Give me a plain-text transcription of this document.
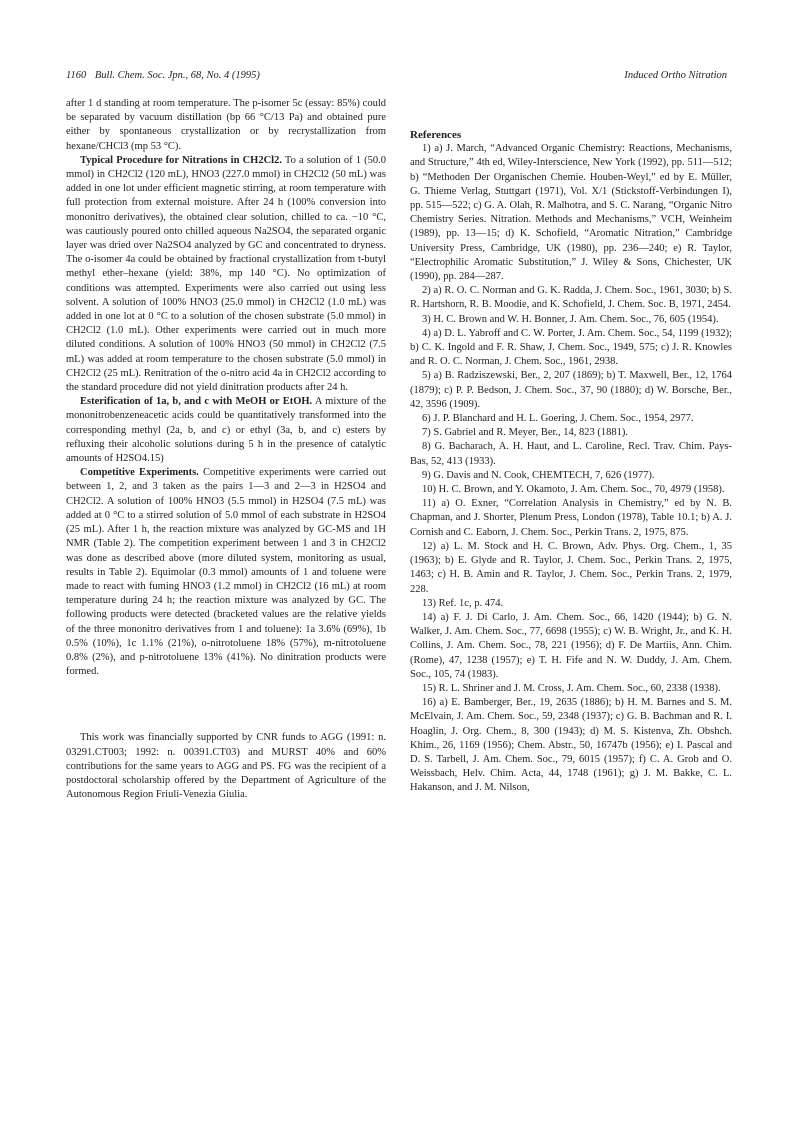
1160 Bull. Chem. Soc. Jpn., 68, No. 4 (1995)	Induced Ortho Nitration

after 1 d standing at room temperature. The p-isomer 5c (essay: 85%) could be separated by vacuum distillation (bp 66 °C/13 Pa) and obtained pure either by spontaneous crystallization or by recrystallization from hexane/CHCl3 (mp 53 °C).

Typical Procedure for Nitrations in CH2Cl2. To a solution of 1 (50.0 mmol) in CH2Cl2 (120 mL), HNO3 (227.0 mmol) in CH2Cl2 (50 mL) was added in one lot under efficient magnetic stirring, at room temperature with full protection from external moisture. After 24 h (100% conversion into mononitro derivatives), the obtained clear solution, chilled to ca. −10 °C, was cautiously poured onto chilled aqueous Na2SO4, the separated organic layer was dried over Na2SO4 analyzed by GC and concentrated to dryness. The o-isomer 4a could be obtained by fractional crystallization from t-butyl methyl ether–hexane (yield: 38%, mp 140 °C). No optimization of conditions was attempted. Experiments were also carried out using less solvent. A solution of 100% HNO3 (25.0 mmol) in CH2Cl2 (1.0 mL) was added in one lot at 0 °C to a solution of the chosen substrate (5.0 mmol) in CH2Cl2 (1.0 mL). Other experiments were carried out in much more diluted conditions. A solution of 100% HNO3 (50 mmol) in CH2Cl2 (7.5 mL) was added at room temperature to the chosen substrate (5.0 mmol) in CH2Cl2 (25 mL). Renitration of the o-nitro acid 4a in CH2Cl2 according to the standard procedure did not yield dinitration products after 24 h.

Esterification of 1a, b, and c with MeOH or EtOH. A mixture of the mononitrobenzeneacetic acids could be quantitatively transformed into the corresponding methyl (2a, b, and c) or ethyl (3a, b, and c) esters by refluxing their alcoholic solutions during 5 h in the presence of catalytic amounts of H2SO4.15)

Competitive Experiments. Competitive experiments were carried out between 1, 2, and 3 taken as the pairs 1—3 and 2—3 in H2SO4 and CH2Cl2. A solution of 100% HNO3 (5.5 mmol) in H2SO4 (7.5 mL) was added at 0 °C to a stirred solution of 5.0 mmol of each substrate in H2SO4 (25 mL). After 1 h, the reaction mixture was analyzed by GC-MS and 1H NMR (Table 2). The competition experiment between 1 and 3 in CH2Cl2 was done as described above (more diluted system, monitoring as usual, results in Table 2). Equimolar (0.3 mmol) amounts of 1 and toluene were made to react with fuming HNO3 (1.2 mmol) in CH2Cl2 (16 mL) at room temperature during 24 h; the reaction mixture was analyzed by GC. The following products were detected (bracketed values are the relative yields of the three mononitro derivatives from 1 and toluene): 1a 3.6% (69%), 1b 0.5% (10%), 1c 1.1% (21%), o-nitrotoluene 18% (57%), m-nitrotoluene 0.8% (2%), and p-nitrotoluene 13% (41%). No dinitration products were formed.

This work was financially supported by CNR funds to AGG (1991: n. 03291.CT003; 1992: n. 00391.CT03) and MURST 40% and 60% contributions for the same years to AGG and PS. FG was the recipient of a postdoctoral scholarship offered by the Department of Agriculture of the Autonomous Region Friuli-Venezia Giulia.

References

1) a) J. March, “Advanced Organic Chemistry: Reactions, Mechanisms, and Structure,” 4th ed, Wiley-Interscience, New York (1992), pp. 511—512; b) “Methoden Der Organischen Chemie. Houben-Weyl,” ed by E. Müller, G. Thieme Verlag, Stuttgart (1971), Vol. X/1 (Stickstoff-Verbindungen I), pp. 515—522; c) G. A. Olah, R. Malhotra, and S. C. Narang, “Organic Nitro Chemistry Series. Nitration. Methods and Mechanisms,” VCH, Weinheim (1989), pp. 13—15; d) K. Schofield, “Aromatic Nitration,” Cambridge University Press, Cambridge, UK (1980), pp. 236—240; e) R. Taylor, “Electrophilic Aromatic Substitution,” J. Wiley & Sons, Chichester, UK (1990), pp. 284—287.

2) a) R. O. C. Norman and G. K. Radda, J. Chem. Soc., 1961, 3030; b) S. R. Hartshorn, R. B. Moodie, and K. Schofield, J. Chem. Soc. B, 1971, 2454.

3) H. C. Brown and W. H. Bonner, J. Am. Chem. Soc., 76, 605 (1954).

4) a) D. L. Yabroff and C. W. Porter, J. Am. Chem. Soc., 54, 1199 (1932); b) C. K. Ingold and F. R. Shaw, J. Chem. Soc., 1949, 575; c) J. R. Knowles and R. O. C. Norman, J. Chem. Soc., 1961, 2938.

5) a) B. Radziszewski, Ber., 2, 207 (1869); b) T. Maxwell, Ber., 12, 1764 (1879); c) P. P. Bedson, J. Chem. Soc., 37, 90 (1880); d) W. Borsche, Ber., 42, 3596 (1909).

6) J. P. Blanchard and H. L. Goering, J. Chem. Soc., 1954, 2977.

7) S. Gabriel and R. Meyer, Ber., 14, 823 (1881).

8) G. Bacharach, A. H. Haut, and L. Caroline, Recl. Trav. Chim. Pays-Bas, 52, 413 (1933).

9) G. Davis and N. Cook, CHEMTECH, 7, 626 (1977).

10) H. C. Brown, and Y. Okamoto, J. Am. Chem. Soc., 70, 4979 (1958).

11) a) O. Exner, “Correlation Analysis in Chemistry,” ed by N. B. Chapman, and J. Shorter, Plenum Press, London (1978), Table 10.1; b) A. J. Cornish and C. Eaborn, J. Chem. Soc., Perkin Trans. 2, 1975, 875.

12) a) L. M. Stock and H. C. Brown, Adv. Phys. Org. Chem., 1, 35 (1963); b) E. Glyde and R. Taylor, J. Chem. Soc., Perkin Trans. 2, 1975, 1463; c) H. B. Amin and R. Taylor, J. Chem. Soc., Perkin Trans. 2, 1979, 228.

13) Ref. 1c, p. 474.

14) a) F. J. Di Carlo, J. Am. Chem. Soc., 66, 1420 (1944); b) G. N. Walker, J. Am. Chem. Soc., 77, 6698 (1955); c) W. B. Wright, Jr., and K. H. Collins, J. Am. Chem. Soc., 78, 221 (1956); d) F. De Martiis, Ann. Chim. (Rome), 47, 1238 (1957); e) T. H. Fife and N. W. Duddy, J. Am. Chem. Soc., 105, 74 (1983).

15) R. L. Shriner and J. M. Cross, J. Am. Chem. Soc., 60, 2338 (1938).

16) a) E. Bamberger, Ber., 19, 2635 (1886); b) H. M. Barnes and S. M. McElvain, J. Am. Chem. Soc., 59, 2348 (1937); c) G. B. Bachman and R. I. Hoaglin, J. Org. Chem., 8, 300 (1943); d) M. S. Kistenva, Zh. Obshch. Khim., 26, 1169 (1956); Chem. Abstr., 50, 16747b (1956); e) I. Pascal and D. S. Tarbell, J. Am. Chem. Soc., 79, 6015 (1957); f) C. A. Grob and O. Weissbach, Helv. Chim. Acta, 44, 1748 (1961); g) J. M. Bakke, C. L. Hakanson, and J. M. Nilson,
